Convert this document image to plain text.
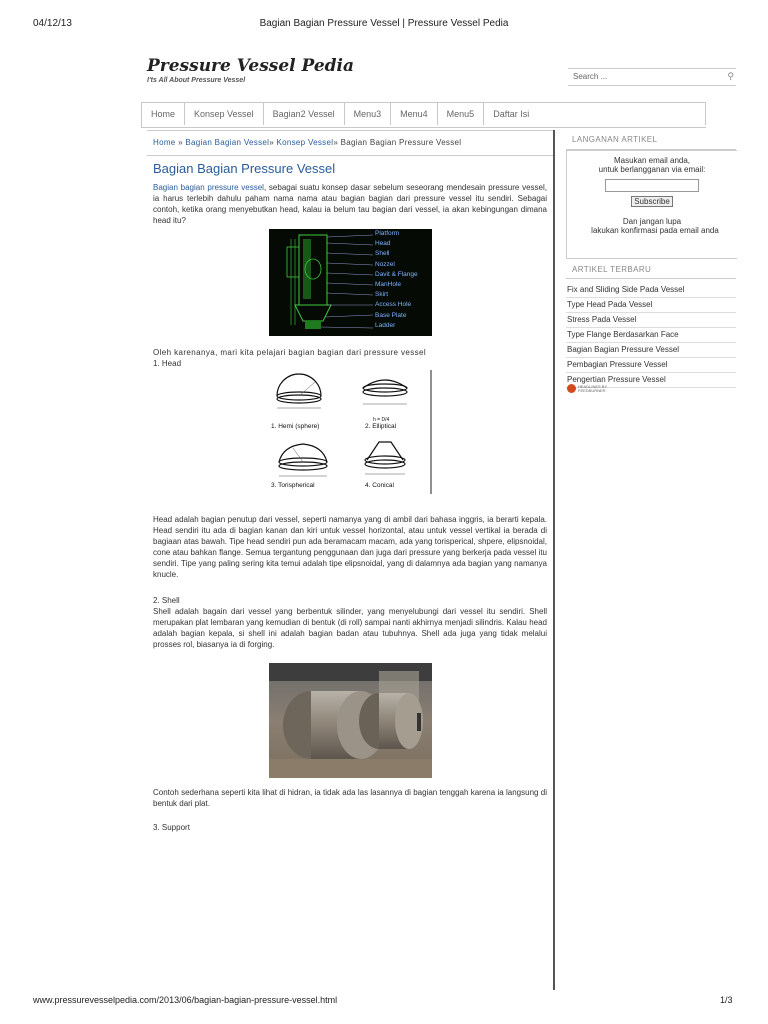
04/12/13	Bagian Bagian Pressure Vessel | Pressure Vessel Pedia
Pressure Vessel Pedia
I'ts All About Pressure Vessel	Search ...	⚲
Home	Konsep Vessel	Bagian2 Vessel	Menu3	Menu4	Menu5	Daftar Isi
Home » Bagian Bagian Vessel» Konsep Vessel» Bagian Bagian Pressure Vessel
Bagian Bagian Pressure Vessel
Bagian bagian pressure vessel, sebagai suatu konsep dasar sebelum seseorang mendesain pressure vessel, ia harus terlebih dahulu paham nama nama atau bagian bagian dari pressure vessel itu sendiri. Sebagai contoh, ketika orang menyebutkan head, kalau ia belum tau bagian dari vessel, ia akan kebingungan dimana head itu?
Platform
Head
Shell
Nozzel
Davit & Flange
ManHole
Skirt
Access Hole
Base Plate
Ladder
Oleh karenanya, mari kita pelajari bagian bagian dari pressure vessel
1. Head
1. Hemi (sphere)	2. Elliptical
h = D/4
3. Torispherical	4. Conical
Head adalah bagian penutup dari vessel, seperti namanya yang di ambil dari bahasa inggris, ia berarti kepala. Head sendiri itu ada di bagian kanan dan kiri untuk vessel horizontal, atau untuk vessel vertikal ia berada di bagiaan atas bawah. Tipe head sendiri pun ada beramacam macam, ada yang torisperical, shpere, elipsnoidal, cone atau bahkan flange. Semua tergantung penggunaan dan juga dari pressure yang berkerja pada vessel itu sendiri. Tipe yang paling sering kita temui adalah tipe elipsnoidal, yang di dalamnya ada bagian yang namanya knucle.
2. Shell
Shell adalah bagain dari vessel yang berbentuk silinder, yang menyelubungi dari vessel itu sendiri. Shell merupakan plat lembaran yang kemudian di bentuk (di roll) sampai nanti akhirnya menjadi silindris. Kalau head adalah bagian kepala, si shell ini adalah bagian badan atau tubuhnya. Shell ada juga yang tidak melalui prosses rol, biasanya ia di forging.
Contoh sederhana seperti kita lihat di hidran, ia tidak ada las lasannya di bagian tenggah karena ia langsung di bentuk dari plat.
3. Support
LANGANAN ARTIKEL
Masukan email anda,
untuk berlangganan via email:
Subscribe
Dan jangan lupa
lakukan konfirmasi pada email anda
ARTIKEL TERBARU
Fix and Sliding Side Pada Vessel
Type Head Pada Vessel
Stress Pada Vessel
Type Flange Berdasarkan Face
Bagian Bagian Pressure Vessel
Pembagian Pressure Vessel
Pengertian Pressure Vessel
HEADLINES BY
FEEDBURNER
www.pressurevesselpedia.com/2013/06/bagian-bagian-pressure-vessel.html	1/3
